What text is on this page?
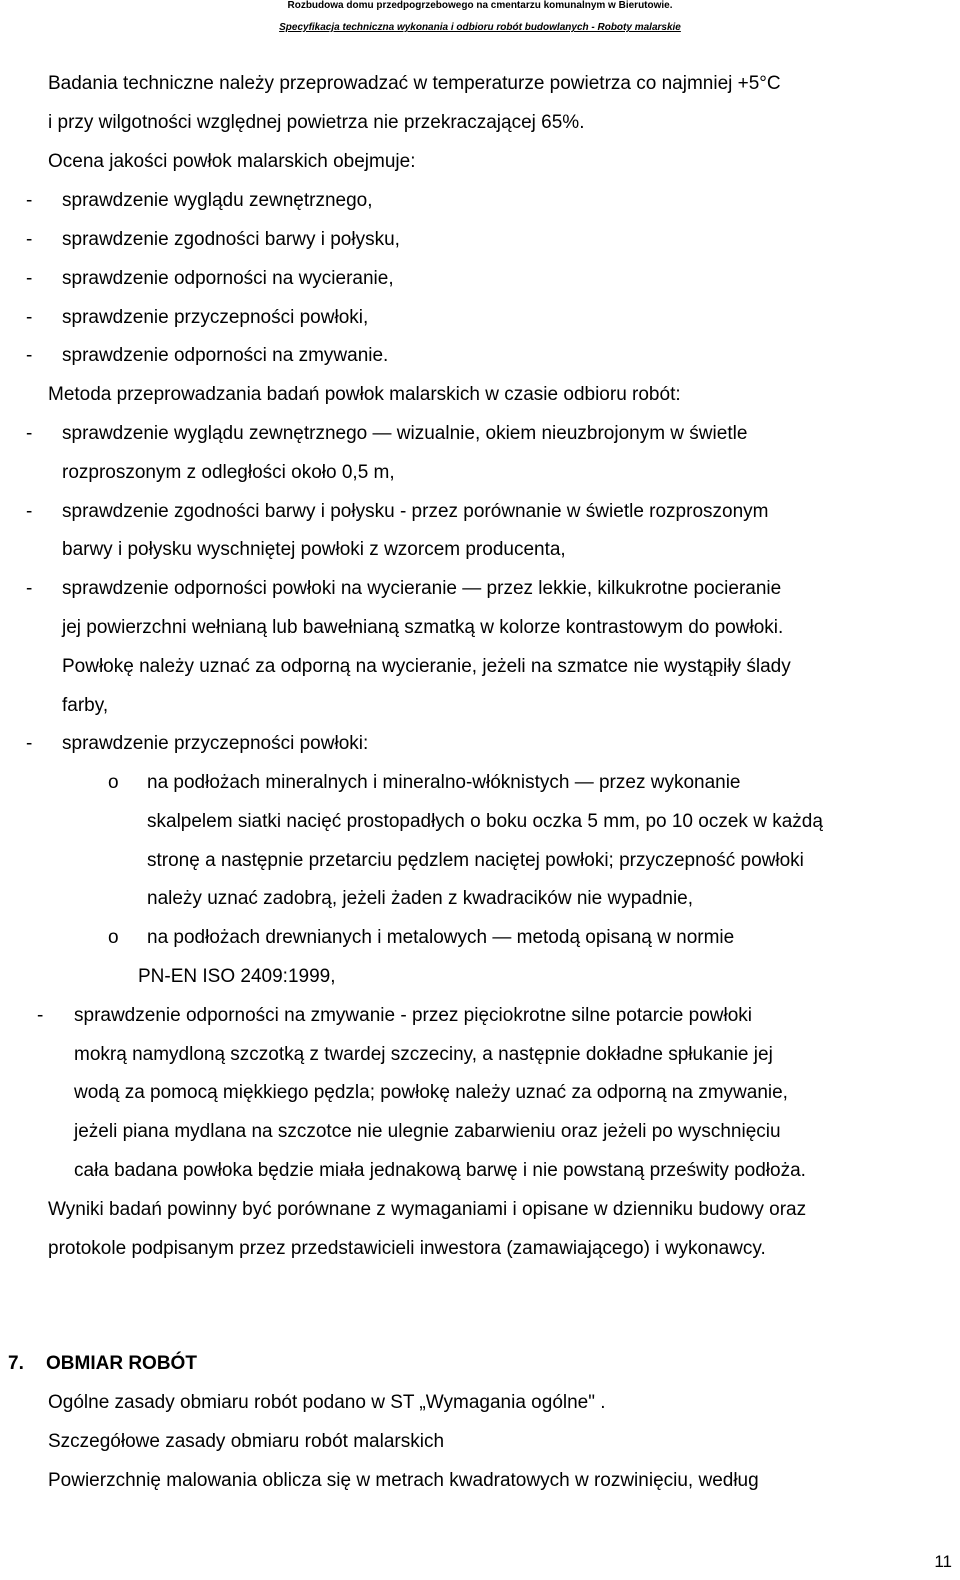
Rozbudowa domu przedpogrzebowego na cmentarzu komunalnym w Bierutowie.
Specyfikacja techniczna wykonania i odbioru robót budowlanych - Roboty malarskie
Badania techniczne należy przeprowadzać w temperaturze powietrza co najmniej +5°C
i przy wilgotności względnej powietrza nie przekraczającej 65%.
Ocena jakości powłok malarskich obejmuje:
- sprawdzenie wyglądu zewnętrznego,
- sprawdzenie zgodności barwy i połysku,
- sprawdzenie odporności na wycieranie,
- sprawdzenie przyczepności powłoki,
- sprawdzenie odporności na zmywanie.
Metoda przeprowadzania badań powłok malarskich w czasie odbioru robót:
- sprawdzenie wyglądu zewnętrznego — wizualnie, okiem nieuzbrojonym w świetle
rozproszonym z odległości około 0,5 m,
- sprawdzenie zgodności barwy i połysku - przez porównanie w świetle rozproszonym
barwy i połysku wyschniętej powłoki z wzorcem producenta,
- sprawdzenie odporności powłoki na wycieranie — przez lekkie, kilkukrotne pocieranie
jej powierzchni wełnianą lub bawełnianą szmatką w kolorze kontrastowym do powłoki.
Powłokę należy uznać za odporną na wycieranie, jeżeli na szmatce nie wystąpiły ślady
farby,
- sprawdzenie przyczepności powłoki:
o na podłożach mineralnych i mineralno-włóknistych — przez wykonanie
skalpelem siatki nacięć prostopadłych o boku oczka 5 mm, po 10 oczek w każdą
stronę a następnie przetarciu pędzlem naciętej powłoki; przyczepność powłoki
należy uznać zadobrą, jeżeli żaden z kwadracików nie wypadnie,
o na podłożach drewnianych i metalowych — metodą opisaną w normie
PN-EN ISO 2409:1999,
- sprawdzenie odporności na zmywanie - przez pięciokrotne silne potarcie powłoki
mokrą namydloną szczotką z twardej szczeciny, a następnie dokładne spłukanie jej
wodą za pomocą miękkiego pędzla; powłokę należy uznać za odporną na zmywanie,
jeżeli piana mydlana na szczotce nie ulegnie zabarwieniu oraz jeżeli po wyschnięciu
cała badana powłoka będzie miała jednakową barwę i nie powstaną prześwity podłoża.
Wyniki badań powinny być porównane z wymaganiami i opisane w dzienniku budowy oraz
protokole podpisanym przez przedstawicieli inwestora (zamawiającego) i wykonawcy.
7. OBMIAR ROBÓT
Ogólne zasady obmiaru robót podano w ST „Wymagania ogólne" .
Szczegółowe zasady obmiaru robót malarskich
Powierzchnię malowania oblicza się w metrach kwadratowych w rozwinięciu, według
11
